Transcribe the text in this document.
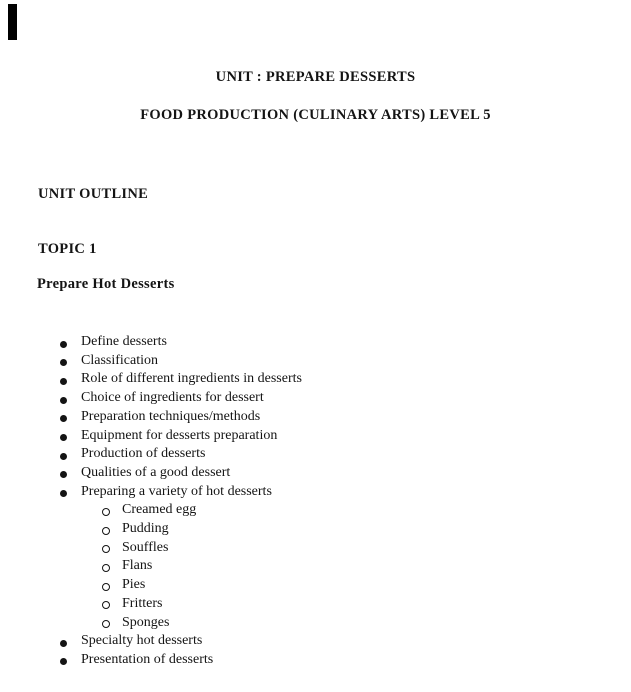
UNIT : PREPARE DESSERTS
FOOD PRODUCTION (CULINARY ARTS) LEVEL 5
UNIT OUTLINE
TOPIC 1
Prepare Hot Desserts
Define desserts
Classification
Role of different ingredients in desserts
Choice of ingredients for dessert
Preparation techniques/methods
Equipment for desserts preparation
Production of desserts
Qualities of a good dessert
Preparing a variety of hot desserts
Creamed egg
Pudding
Souffles
Flans
Pies
Fritters
Sponges
Specialty hot desserts
Presentation of desserts
